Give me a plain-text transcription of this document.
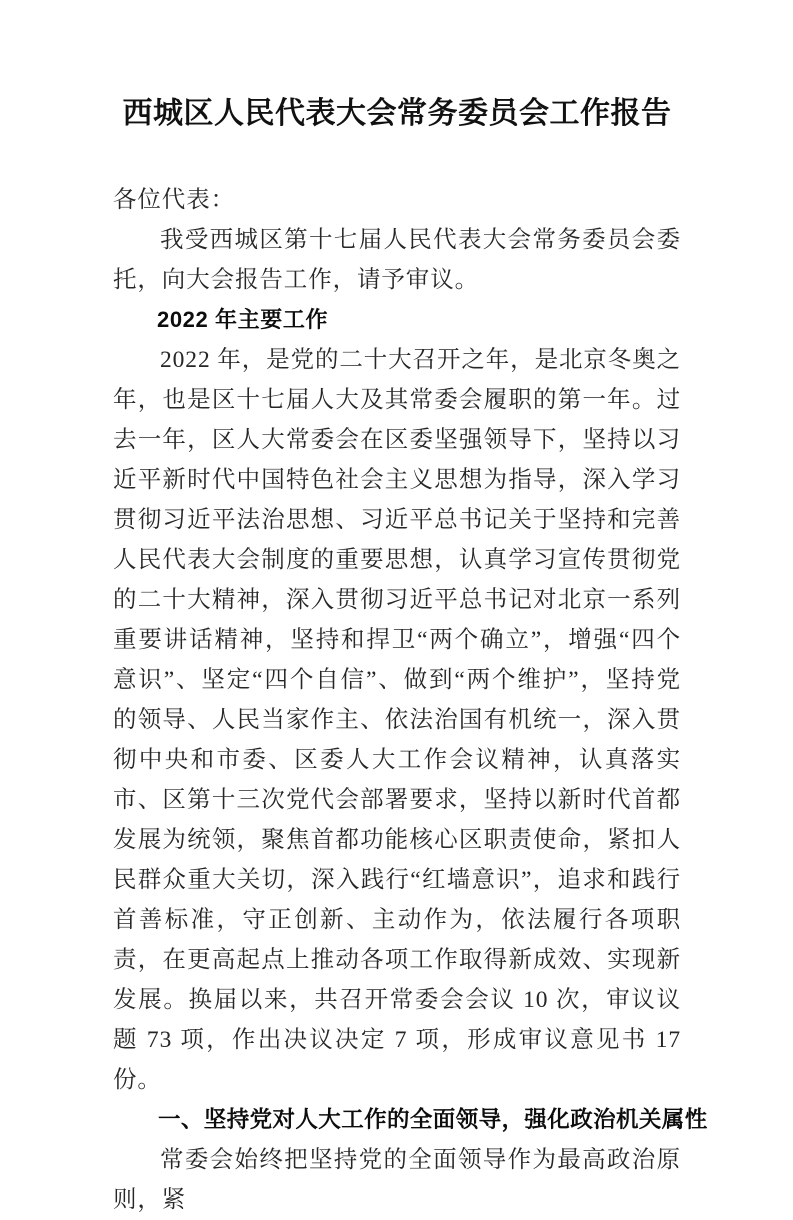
西城区人民代表大会常务委员会工作报告

各位代表：

我受西城区第十七届人民代表大会常务委员会委托，向大会报告工作，请予审议。

2022 年主要工作

2022 年，是党的二十大召开之年，是北京冬奥之年，也是区十七届人大及其常委会履职的第一年。过去一年，区人大常委会在区委坚强领导下，坚持以习近平新时代中国特色社会主义思想为指导，深入学习贯彻习近平法治思想、习近平总书记关于坚持和完善人民代表大会制度的重要思想，认真学习宣传贯彻党的二十大精神，深入贯彻习近平总书记对北京一系列重要讲话精神，坚持和捍卫“两个确立”，增强“四个意识”、坚定“四个自信”、做到“两个维护”，坚持党的领导、人民当家作主、依法治国有机统一，深入贯彻中央和市委、区委人大工作会议精神，认真落实市、区第十三次党代会部署要求，坚持以新时代首都发展为统领，聚焦首都功能核心区职责使命，紧扣人民群众重大关切，深入践行“红墙意识”，追求和践行首善标准，守正创新、主动作为，依法履行各项职责，在更高起点上推动各项工作取得新成效、实现新发展。换届以来，共召开常委会会议 10 次，审议议题 73 项，作出决议决定 7 项，形成审议意见书 17 份。

一、坚持党对人大工作的全面领导，强化政治机关属性

常委会始终把坚持党的全面领导作为最高政治原则，紧
